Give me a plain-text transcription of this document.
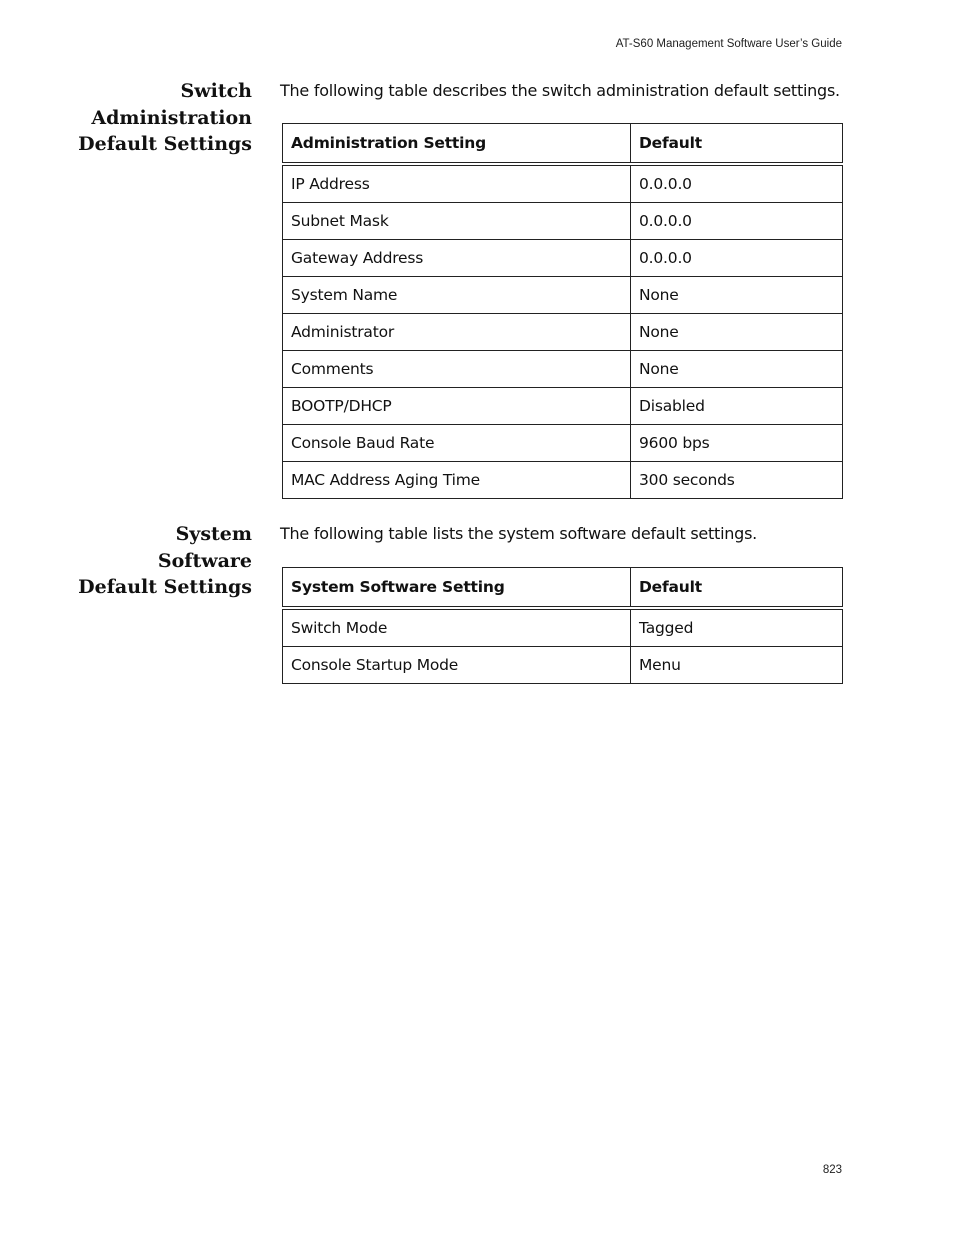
AT-S60 Management Software User’s Guide
Switch
Administration
Default Settings
The following table describes the switch administration default settings.
Administration Setting	Default
IP Address	0.0.0.0
Subnet Mask	0.0.0.0
Gateway Address	0.0.0.0
System Name	None
Administrator	None
Comments	None
BOOTP/DHCP	Disabled
Console Baud Rate	9600 bps
MAC Address Aging Time	300 seconds
System
Software
Default Settings
The following table lists the system software default settings.
System Software Setting	Default
Switch Mode	Tagged
Console Startup Mode	Menu
823
